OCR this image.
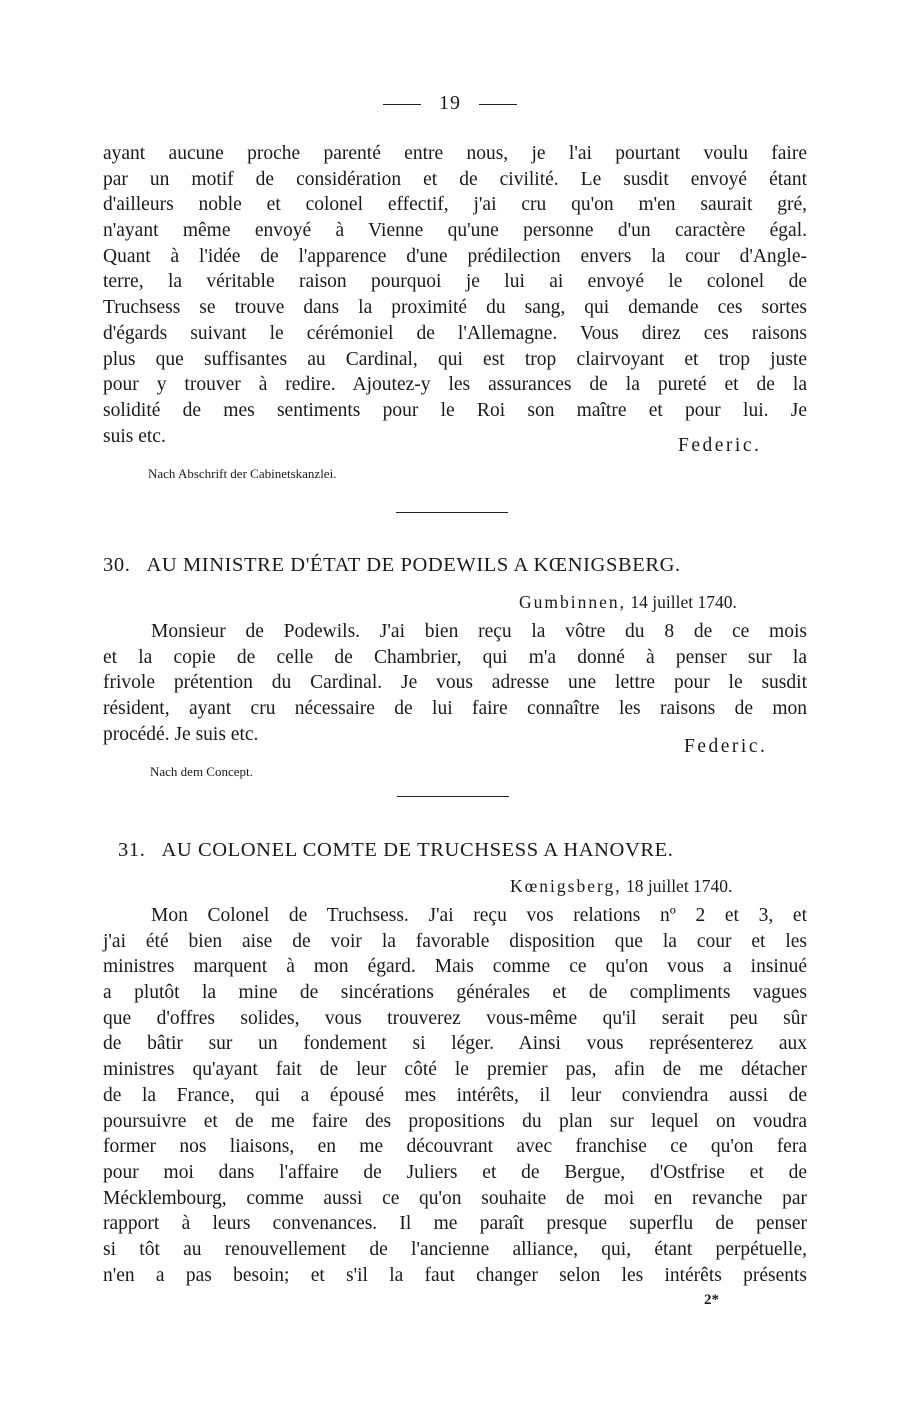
19
ayant aucune proche parenté entre nous, je l'ai pourtant voulu faire
par un motif de considération et de civilité. Le susdit envoyé étant
d'ailleurs noble et colonel effectif, j'ai cru qu'on m'en saurait gré,
n'ayant même envoyé à Vienne qu'une personne d'un caractère égal.
Quant à l'idée de l'apparence d'une prédilection envers la cour d'Angle-
terre, la véritable raison pourquoi je lui ai envoyé le colonel de
Truchsess se trouve dans la proximité du sang, qui demande ces sortes
d'égards suivant le cérémoniel de l'Allemagne. Vous direz ces raisons
plus que suffisantes au Cardinal, qui est trop clairvoyant et trop juste
pour y trouver à redire. Ajoutez-y les assurances de la pureté et de la
solidité de mes sentiments pour le Roi son maître et pour lui. Je
suis etc.	Federic.
Nach Abschrift der Cabinetskanzlei.
30. AU MINISTRE D'ÉTAT DE PODEWILS A KŒNIGSBERG.
Gumbinnen, 14 juillet 1740.
Monsieur de Podewils. J'ai bien reçu la vôtre du 8 de ce mois
et la copie de celle de Chambrier, qui m'a donné à penser sur la
frivole prétention du Cardinal. Je vous adresse une lettre pour le susdit
résident, ayant cru nécessaire de lui faire connaître les raisons de mon
procédé. Je suis etc.
Federic.
Nach dem Concept.
31. AU COLONEL COMTE DE TRUCHSESS A HANOVRE.
Kœnigsberg, 18 juillet 1740.
Mon Colonel de Truchsess. J'ai reçu vos relations nº 2 et 3, et
j'ai été bien aise de voir la favorable disposition que la cour et les
ministres marquent à mon égard. Mais comme ce qu'on vous a insinué
a plutôt la mine de sincérations générales et de compliments vagues
que d'offres solides, vous trouverez vous-même qu'il serait peu sûr
de bâtir sur un fondement si léger. Ainsi vous représenterez aux
ministres qu'ayant fait de leur côté le premier pas, afin de me détacher
de la France, qui a épousé mes intérêts, il leur conviendra aussi de
poursuivre et de me faire des propositions du plan sur lequel on voudra
former nos liaisons, en me découvrant avec franchise ce qu'on fera
pour moi dans l'affaire de Juliers et de Bergue, d'Ostfrise et de
Mécklembourg, comme aussi ce qu'on souhaite de moi en revanche par
rapport à leurs convenances. Il me paraît presque superflu de penser
si tôt au renouvellement de l'ancienne alliance, qui, étant perpétuelle,
n'en a pas besoin; et s'il la faut changer selon les intérêts présents
2*
